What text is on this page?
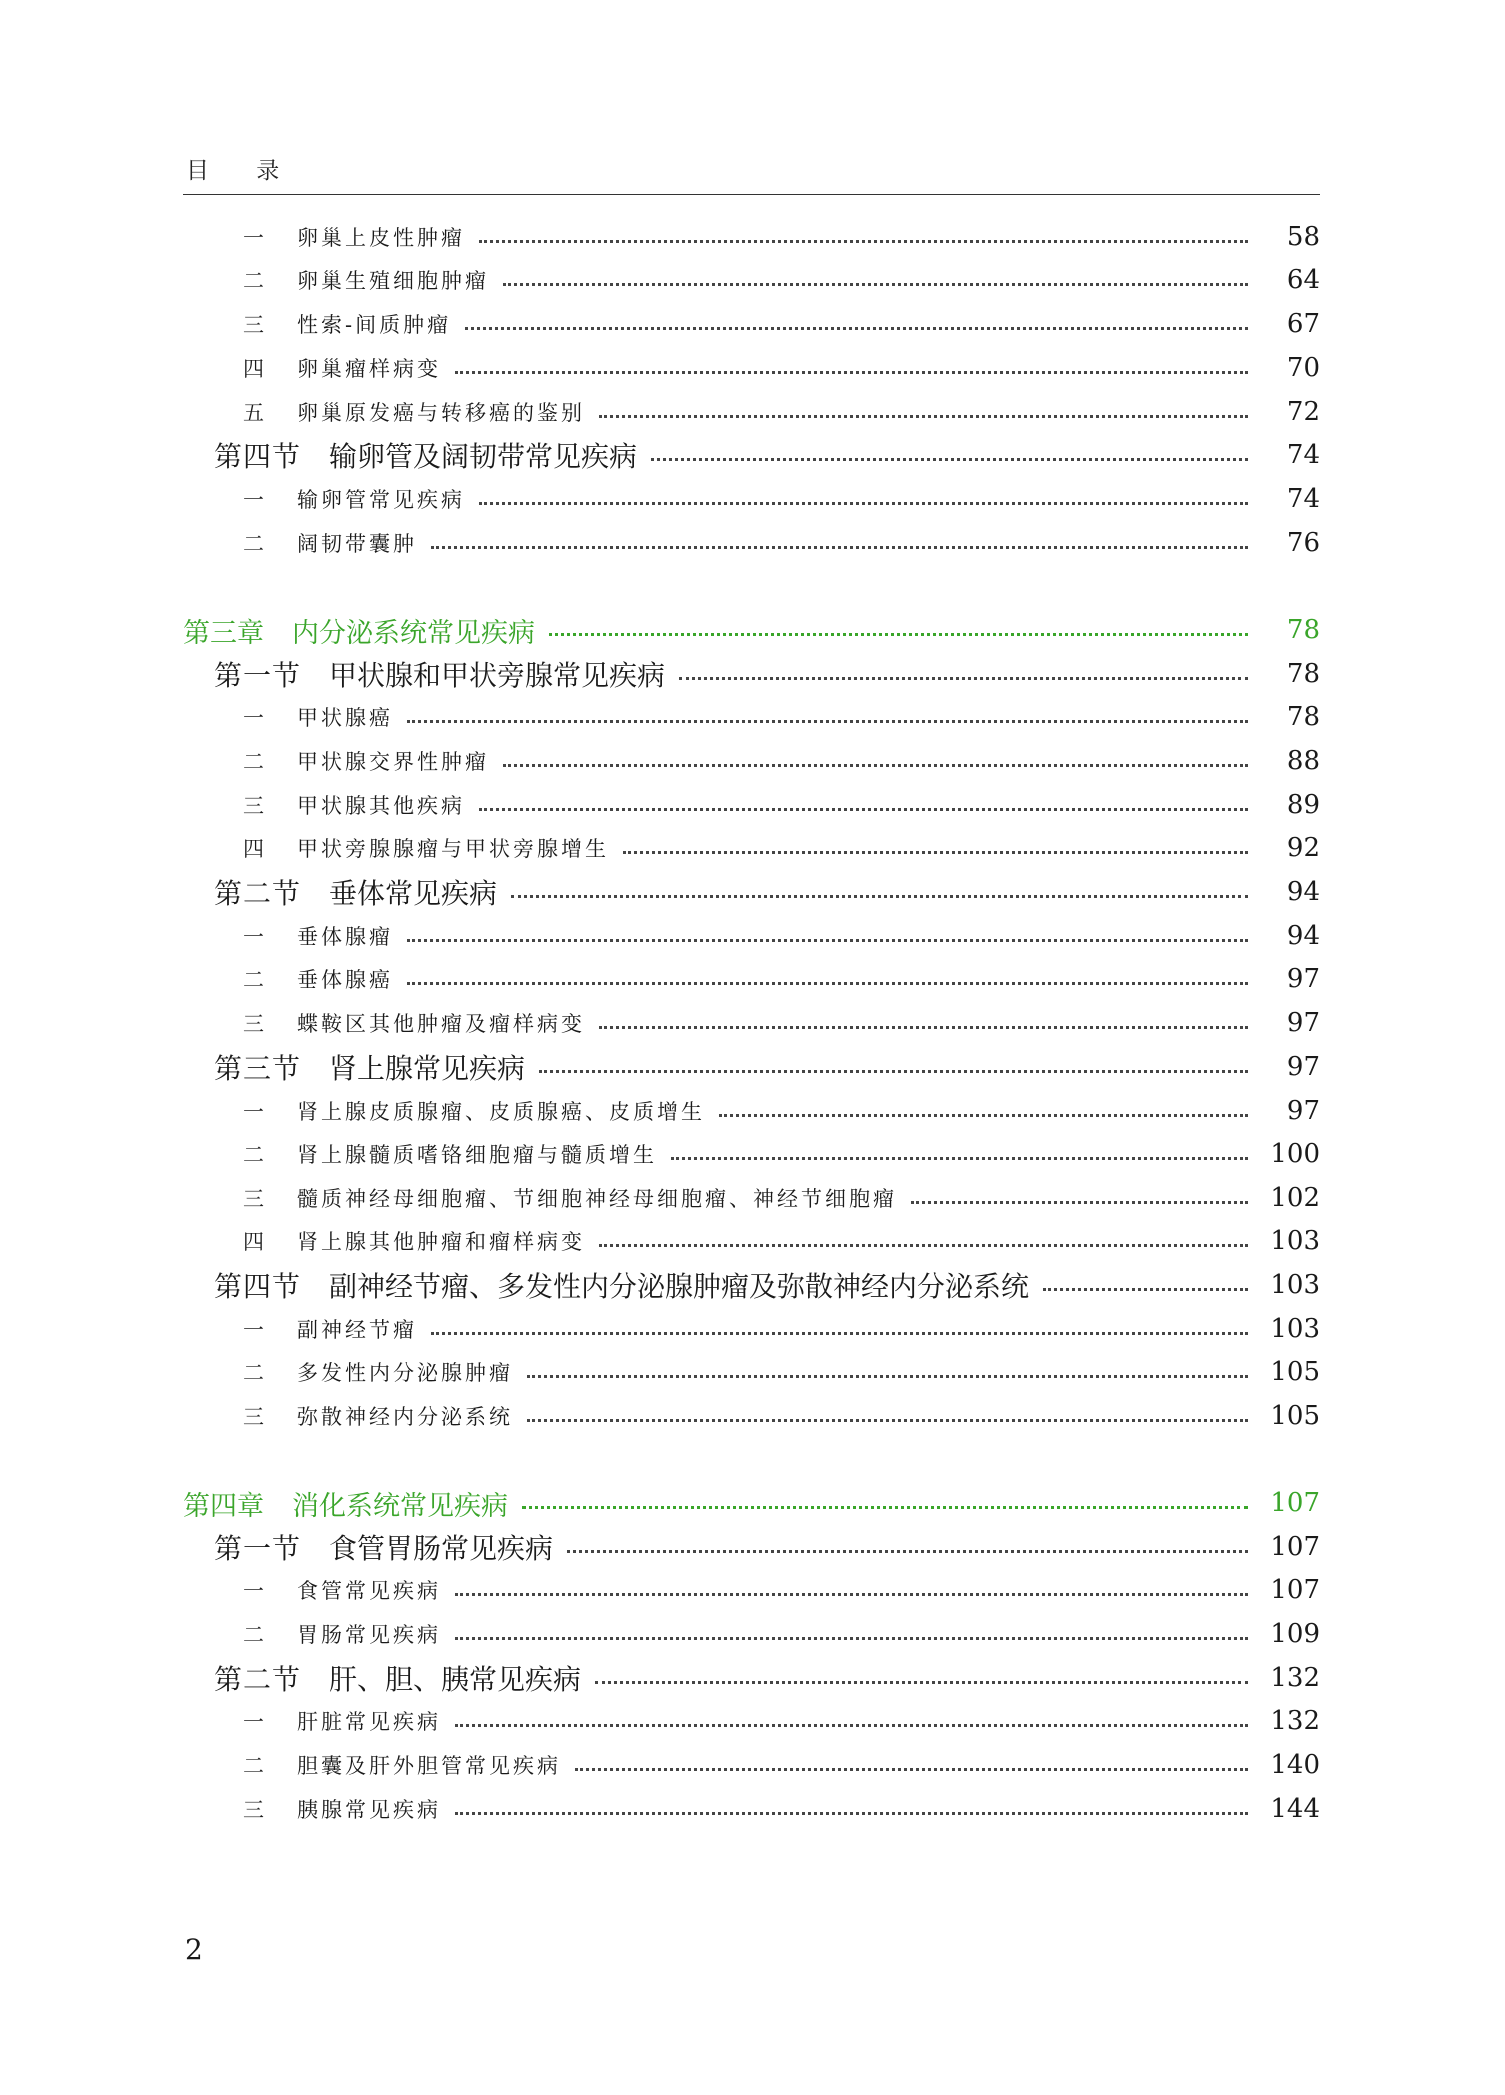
目 录
一	卵巢上皮性肿瘤	58
二	卵巢生殖细胞肿瘤	64
三	性索-间质肿瘤	67
四	卵巢瘤样病变	70
五	卵巢原发癌与转移癌的鉴别	72
第四节 输卵管及阔韧带常见疾病	74
一	输卵管常见疾病	74
二	阔韧带囊肿	76
第三章 内分泌系统常见疾病	78
第一节 甲状腺和甲状旁腺常见疾病	78
一	甲状腺癌	78
二	甲状腺交界性肿瘤	88
三	甲状腺其他疾病	89
四	甲状旁腺腺瘤与甲状旁腺增生	92
第二节 垂体常见疾病	94
一	垂体腺瘤	94
二	垂体腺癌	97
三	蝶鞍区其他肿瘤及瘤样病变	97
第三节 肾上腺常见疾病	97
一	肾上腺皮质腺瘤、皮质腺癌、皮质增生	97
二	肾上腺髓质嗜铬细胞瘤与髓质增生	100
三	髓质神经母细胞瘤、节细胞神经母细胞瘤、神经节细胞瘤	102
四	肾上腺其他肿瘤和瘤样病变	103
第四节 副神经节瘤、多发性内分泌腺肿瘤及弥散神经内分泌系统	103
一	副神经节瘤	103
二	多发性内分泌腺肿瘤	105
三	弥散神经内分泌系统	105
第四章 消化系统常见疾病	107
第一节 食管胃肠常见疾病	107
一	食管常见疾病	107
二	胃肠常见疾病	109
第二节 肝、胆、胰常见疾病	132
一	肝脏常见疾病	132
二	胆囊及肝外胆管常见疾病	140
三	胰腺常见疾病	144
2
